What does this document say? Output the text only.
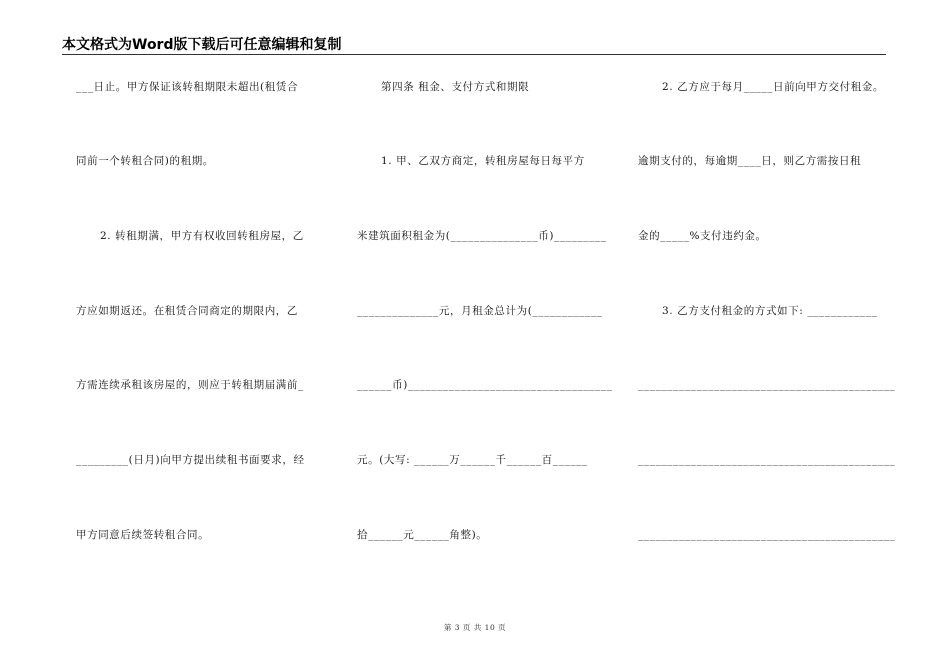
本文格式为Word版下载后可任意编辑和复制
___日止。甲方保证该转租期限未超出(租赁合
同前一个转租合同)的租期。
2. 转租期满，甲方有权收回转租房屋，乙
方应如期返还。在租赁合同商定的期限内，乙
方需连续承租该房屋的，则应于转租期届满前_
_________(日月)向甲方提出续租书面要求，经
甲方同意后续签转租合同。
第四条 租金、支付方式和期限
1. 甲、乙双方商定，转租房屋每日每平方
米建筑面积租金为(_______________币)_________
______________元，月租金总计为(____________
______币)___________________________________
元。(大写: ______万______千______百______
拾______元______角整)。
2. 乙方应于每月_____日前向甲方交付租金。
逾期支付的，每逾期____日，则乙方需按日租
金的_____%支付违约金。
3. 乙方支付租金的方式如下: ____________
____________________________________________
____________________________________________
____________________________________________
第 3 页 共 10 页
